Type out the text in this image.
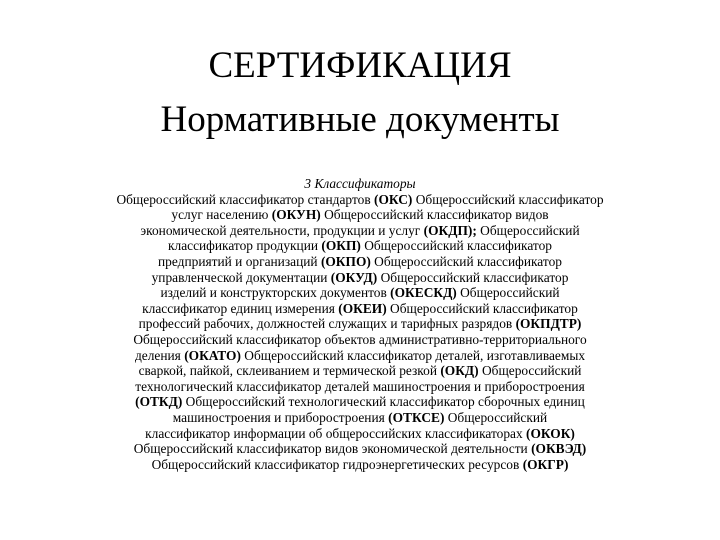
СЕРТИФИКАЦИЯ
Нормативные документы
3 Классификаторы
Общероссийский классификатор стандартов (ОКС) Общероссийский классификатор
услуг населению (ОКУН) Общероссийский классификатор видов
экономической деятельности, продукции и услуг (ОКДП); Общероссийский
классификатор продукции (ОКП) Общероссийский классификатор
предприятий и организаций (ОКПО) Общероссийский классификатор
управленческой документации (ОКУД) Общероссийский классификатор
изделий и конструкторских документов (ОКЕСКД) Общероссийский
классификатор единиц измерения (ОКЕИ) Общероссийский классификатор
профессий рабочих, должностей служащих и тарифных разрядов (ОКПДТР)
Общероссийский классификатор объектов административно-территориального
деления (ОКАТО) Общероссийский классификатор деталей, изготавливаемых
сваркой, пайкой, склеиванием и термической резкой (ОКД) Общероссийский
технологический классификатор деталей машиностроения и приборостроения
(ОТКД) Общероссийский технологический классификатор сборочных единиц
машиностроения и приборостроения (ОТКСЕ) Общероссийский
классификатор информации об общероссийских классификаторах (ОКОК)
Общероссийский классификатор видов экономической деятельности (ОКВЭД)
Общероссийский классификатор гидроэнергетических ресурсов (ОКГР)
